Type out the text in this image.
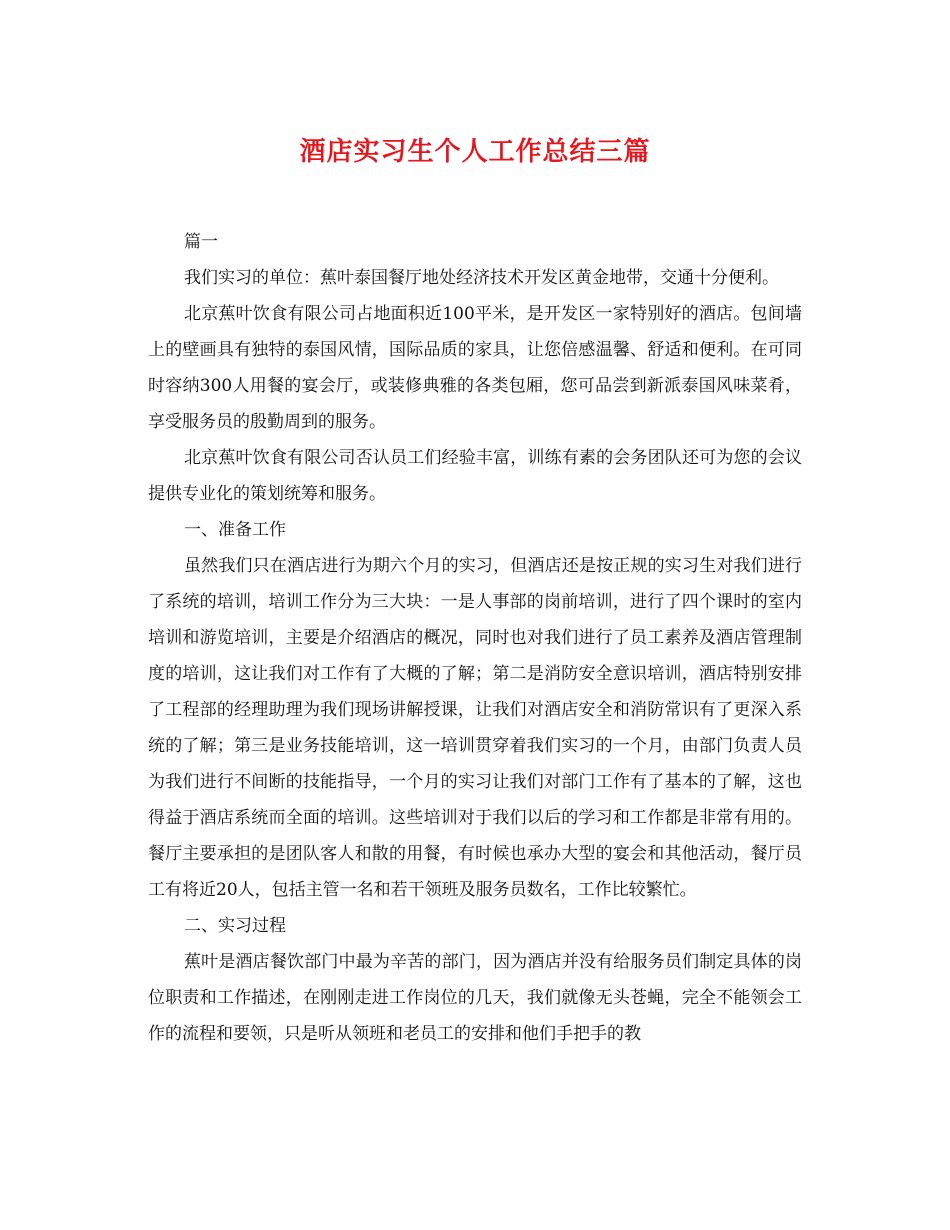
酒店实习生个人工作总结三篇

篇一

我们实习的单位：蕉叶泰国餐厅地处经济技术开发区黄金地带，交通十分便利。

北京蕉叶饮食有限公司占地面积近100平米，是开发区一家特别好的酒店。包间墙上的壁画具有独特的泰国风情，国际品质的家具，让您倍感温馨、舒适和便利。在可同时容纳300人用餐的宴会厅，或装修典雅的各类包厢，您可品尝到新派泰国风味菜肴，享受服务员的殷勤周到的服务。

北京蕉叶饮食有限公司否认员工们经验丰富，训练有素的会务团队还可为您的会议提供专业化的策划统筹和服务。

一、准备工作

虽然我们只在酒店进行为期六个月的实习，但酒店还是按正规的实习生对我们进行了系统的培训，培训工作分为三大块：一是人事部的岗前培训，进行了四个课时的室内培训和游览培训，主要是介绍酒店的概况，同时也对我们进行了员工素养及酒店管理制度的培训，这让我们对工作有了大概的了解；第二是消防安全意识培训，酒店特别安排了工程部的经理助理为我们现场讲解授课，让我们对酒店安全和消防常识有了更深入系统的了解；第三是业务技能培训，这一培训贯穿着我们实习的一个月，由部门负责人员为我们进行不间断的技能指导，一个月的实习让我们对部门工作有了基本的了解，这也得益于酒店系统而全面的培训。这些培训对于我们以后的学习和工作都是非常有用的。餐厅主要承担的是团队客人和散的用餐，有时候也承办大型的宴会和其他活动，餐厅员工有将近20人，包括主管一名和若干领班及服务员数名，工作比较繁忙。

二、实习过程

蕉叶是酒店餐饮部门中最为辛苦的部门，因为酒店并没有给服务员们制定具体的岗位职责和工作描述，在刚刚走进工作岗位的几天，我们就像无头苍蝇，完全不能领会工作的流程和要领，只是听从领班和老员工的安排和他们手把手的教
